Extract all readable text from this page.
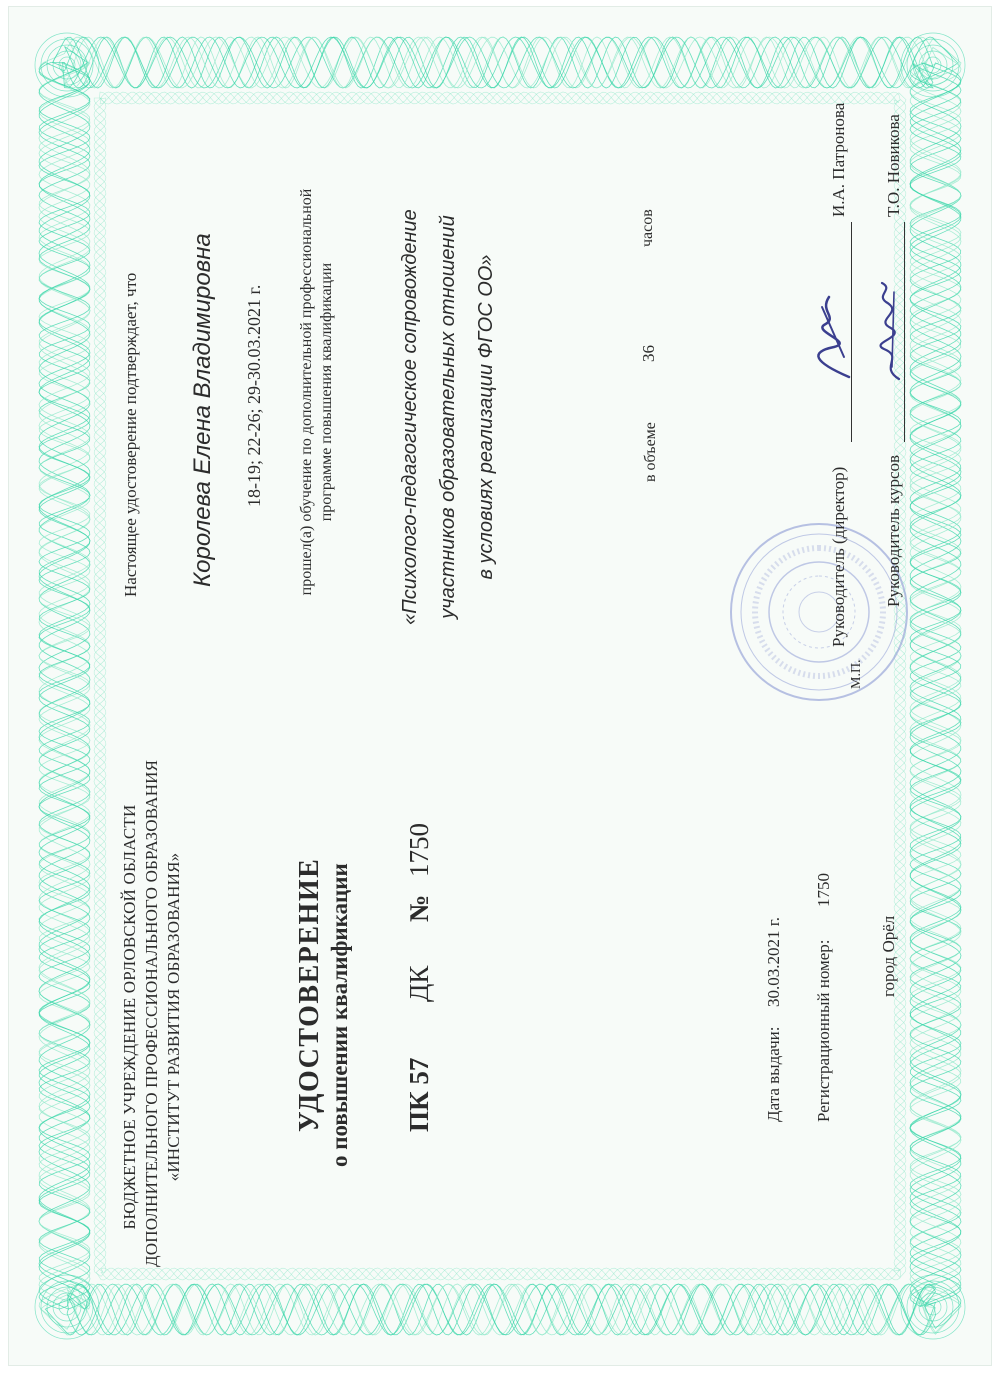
БЮДЖЕТНОЕ УЧРЕЖДЕНИЕ ОРЛОВСКОЙ ОБЛАСТИ ДОПОЛНИТЕЛЬНОГО ПРОФЕССИОНАЛЬНОГО ОБРАЗОВАНИЯ «ИНСТИТУТ РАЗВИТИЯ ОБРАЗОВАНИЯ»	УДОСТОВЕРЕНИЕ о повышении квалификации ПК 57
ДК
№
1750
Дата выдачи:
30.03.2021 г. Регистрационный номер:
1750
город Орёл
Настоящее удостоверение подтверждает, что Королева Елена Владимировна 18-19; 22-26; 29-30.03.2021 г. прошел(а) обучение по дополнительной профессиональной программе повышения квалификации	«Психолого-педагогическое сопровождение участников образовательных отношений в условиях реализации ФГОС ОО»	в объеме
36
часов
М.П.
Руководитель (директор)
И.А. Патронова
Руководитель курсов
Т.О. Новикова
